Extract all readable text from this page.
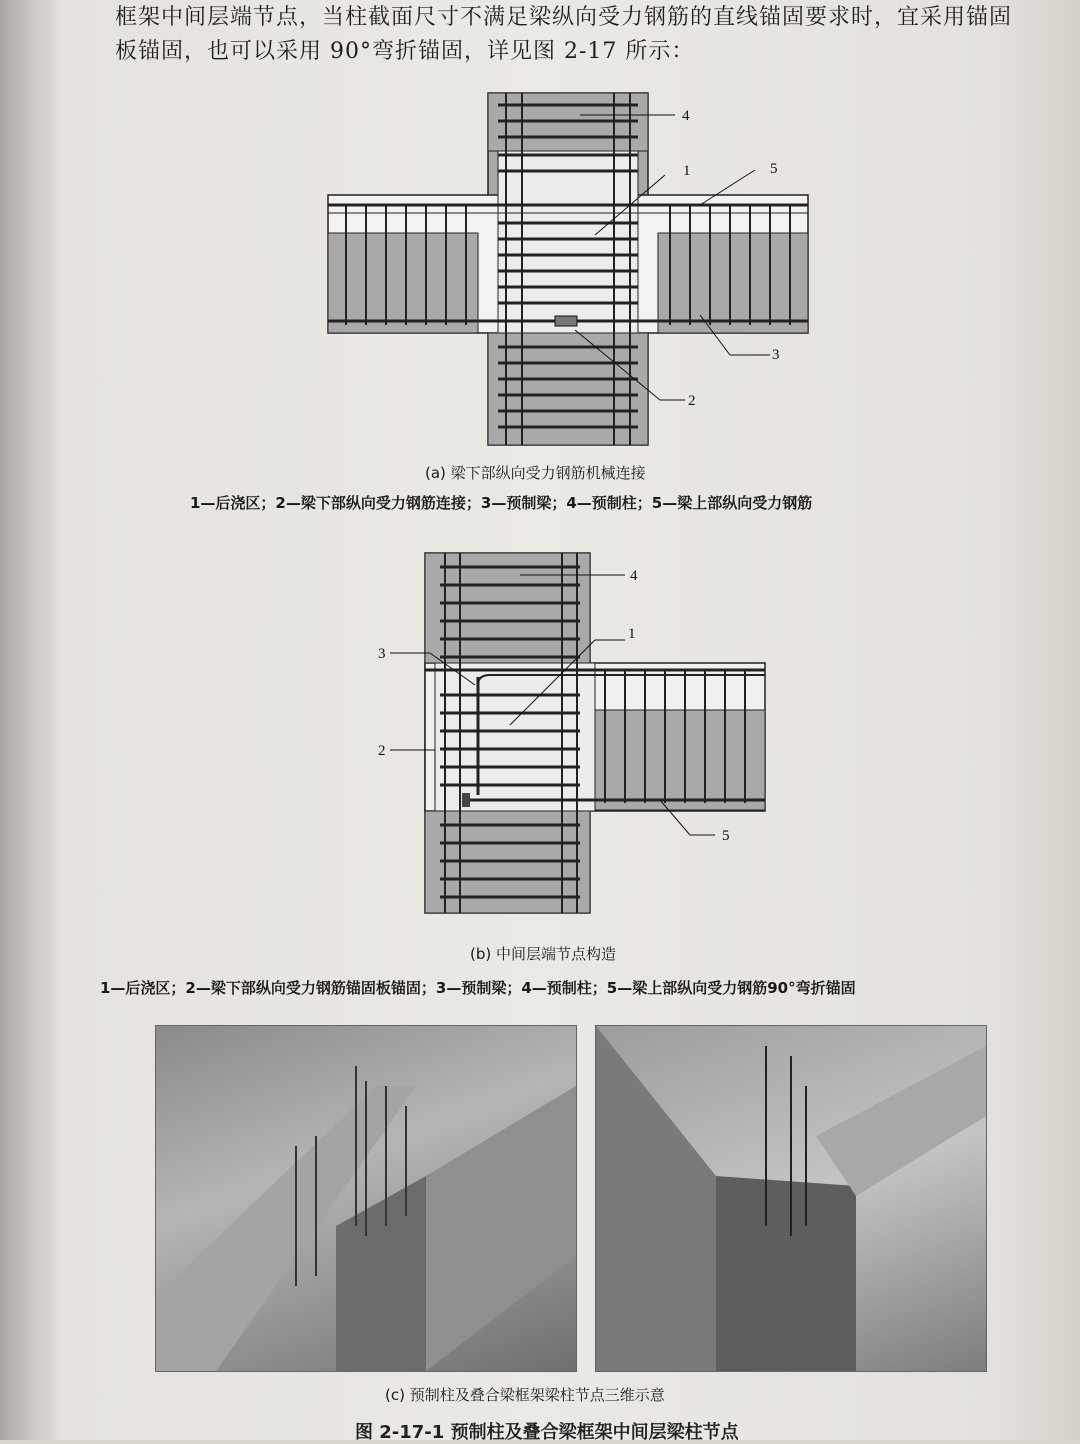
框架中间层端节点，当柱截面尺寸不满足梁纵向受力钢筋的直线锚固要求时，宜采用锚固
板锚固，也可以采用 90°弯折锚固，详见图 2-17 所示：
4
1	5
3
2
(a) 梁下部纵向受力钢筋机械连接
1—后浇区；2—梁下部纵向受力钢筋连接；3—预制梁；4—预制柱；5—梁上部纵向受力钢筋
4
1
3
2
5
(b) 中间层端节点构造
1—后浇区；2—梁下部纵向受力钢筋锚固板锚固；3—预制梁；4—预制柱；5—梁上部纵向受力钢筋90°弯折锚固
(c) 预制柱及叠合梁框架梁柱节点三维示意
图 2-17-1 预制柱及叠合梁框架中间层梁柱节点
